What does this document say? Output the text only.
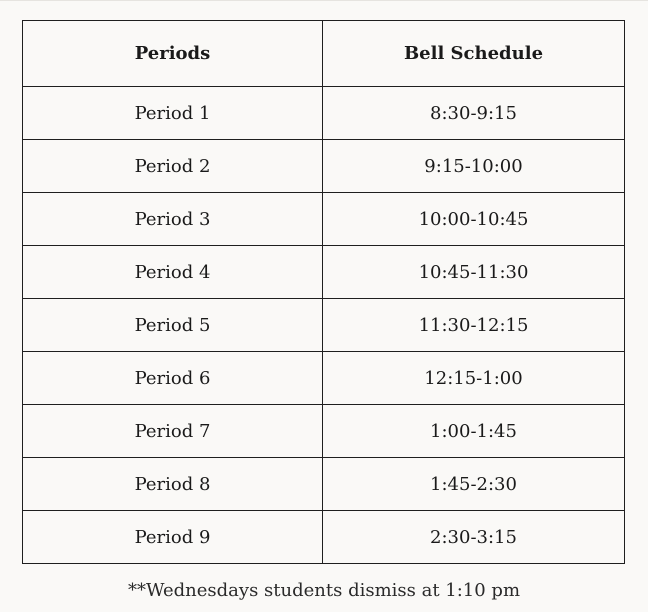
Periods	Bell Schedule
Period 1	8:30-9:15
Period 2	9:15-10:00
Period 3	10:00-10:45
Period 4	10:45-11:30
Period 5	11:30-12:15
Period 6	12:15-1:00
Period 7	1:00-1:45
Period 8	1:45-2:30
Period 9	2:30-3:15
**Wednesdays students dismiss at 1:10 pm
